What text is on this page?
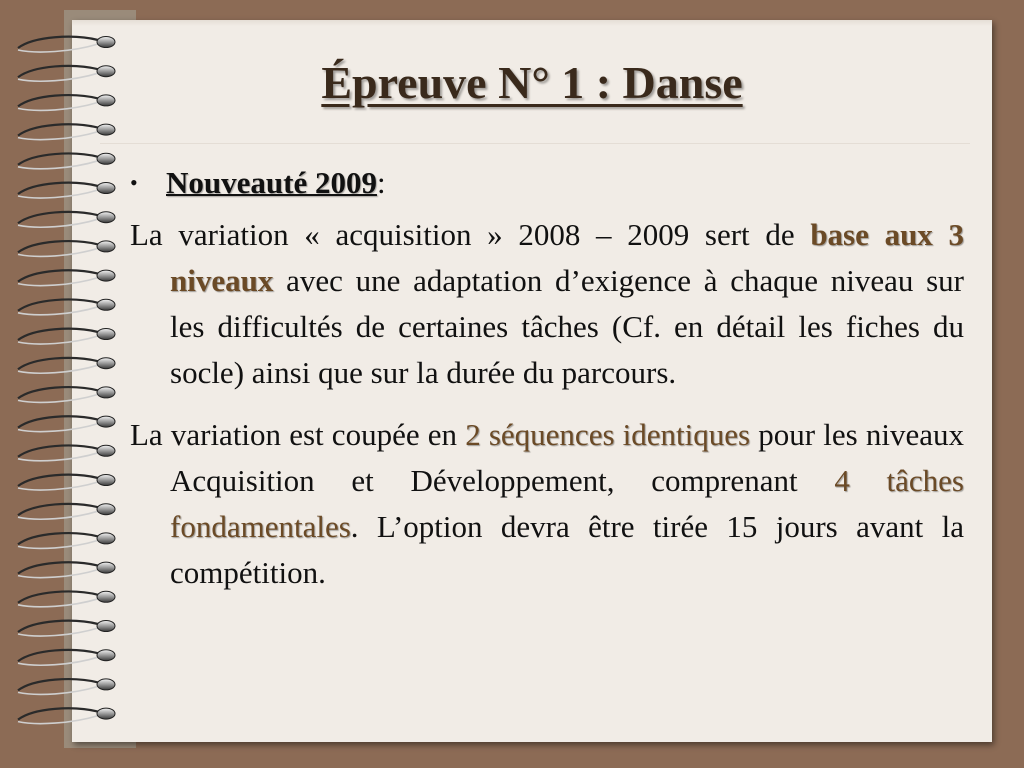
Épreuve N° 1 : Danse
• Nouveauté 2009:

La variation « acquisition » 2008 – 2009 sert de base aux 3 niveaux avec une adaptation d’exigence à chaque niveau sur les difficultés de certaines tâches (Cf. en détail les fiches du socle) ainsi que sur la durée du parcours.

La variation est coupée en 2 séquences identiques pour les niveaux Acquisition et Développement, comprenant 4 tâches fondamentales. L’option devra être tirée 15 jours avant la compétition.
